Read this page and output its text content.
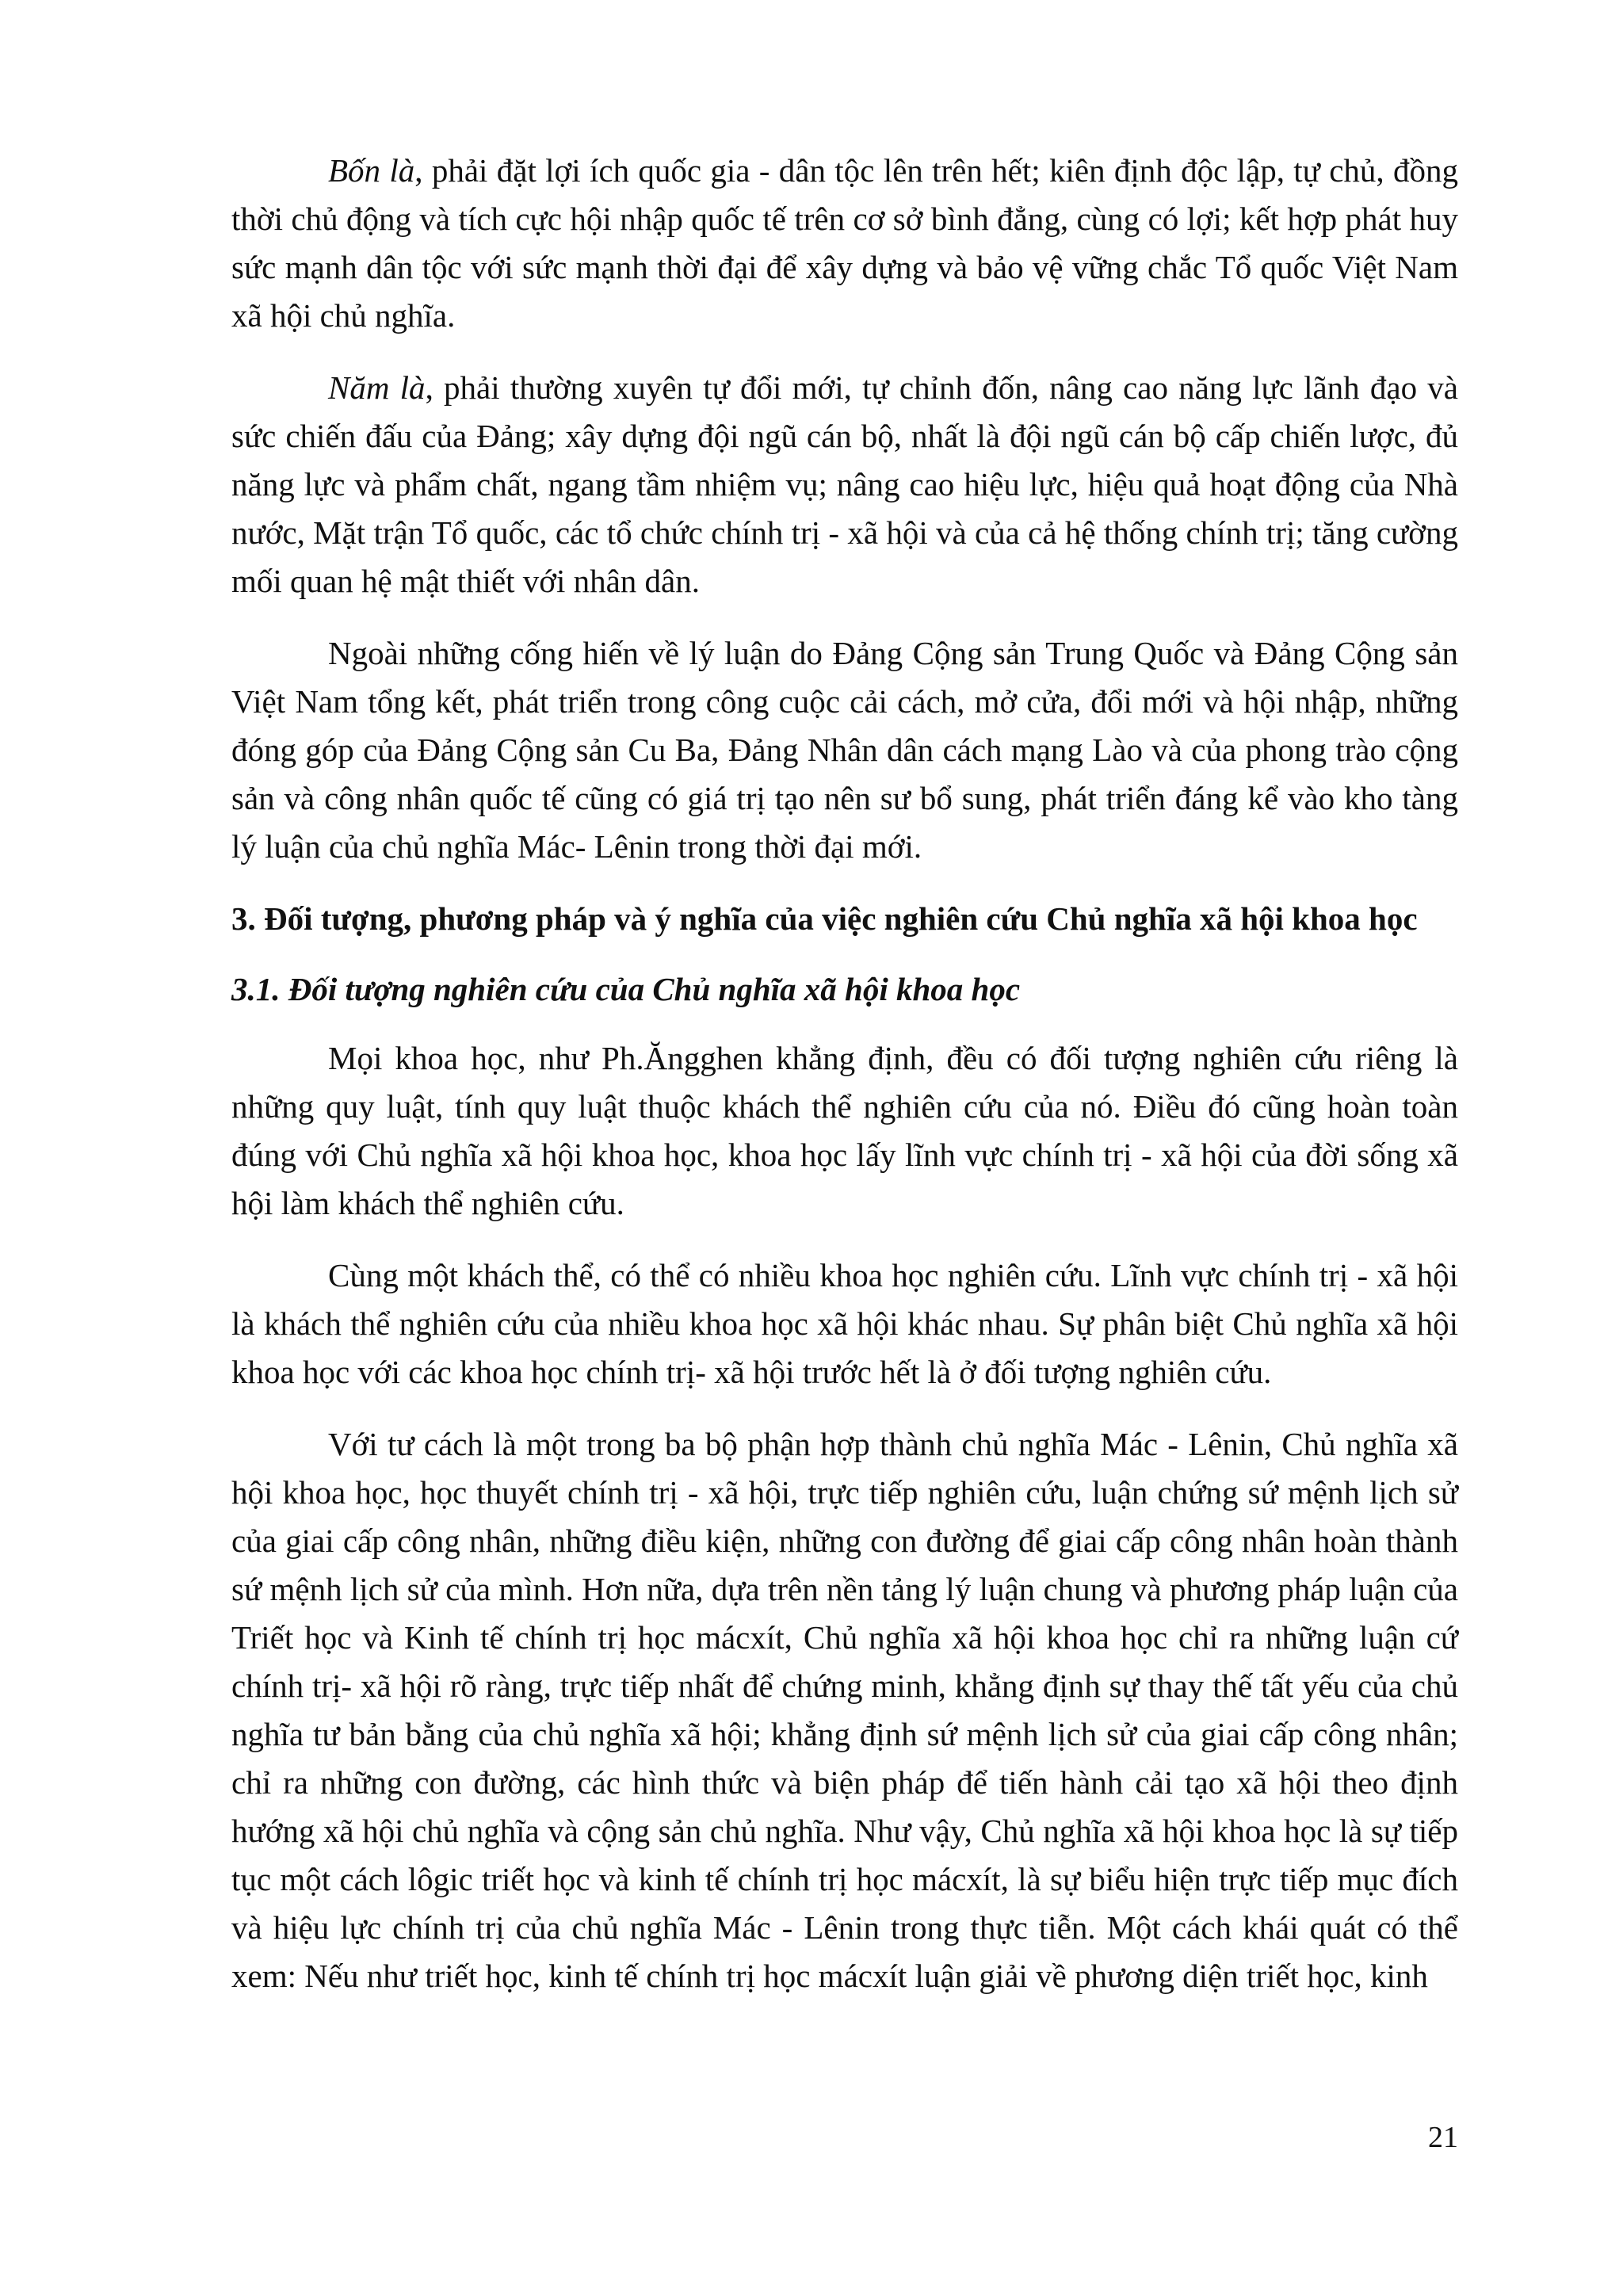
Bốn là, phải đặt lợi ích quốc gia - dân tộc lên trên hết; kiên định độc lập, tự chủ, đồng thời chủ động và tích cực hội nhập quốc tế trên cơ sở bình đẳng, cùng có lợi; kết hợp phát huy sức mạnh dân tộc với sức mạnh thời đại để xây dựng và bảo vệ vững chắc Tổ quốc Việt Nam xã hội chủ nghĩa.

Năm là, phải thường xuyên tự đổi mới, tự chỉnh đốn, nâng cao năng lực lãnh đạo và sức chiến đấu của Đảng; xây dựng đội ngũ cán bộ, nhất là đội ngũ cán bộ cấp chiến lược, đủ năng lực và phẩm chất, ngang tầm nhiệm vụ; nâng cao hiệu lực, hiệu quả hoạt động của Nhà nước, Mặt trận Tổ quốc, các tổ chức chính trị - xã hội và của cả hệ thống chính trị; tăng cường mối quan hệ mật thiết với nhân dân.

Ngoài những cống hiến về lý luận do Đảng Cộng sản Trung Quốc và Đảng Cộng sản Việt Nam tổng kết, phát triển trong công cuộc cải cách, mở cửa, đổi mới và hội nhập, những đóng góp của Đảng Cộng sản Cu Ba, Đảng Nhân dân cách mạng Lào và của phong trào cộng sản và công nhân quốc tế cũng có giá trị tạo nên sư bổ sung, phát triển đáng kể vào kho tàng lý luận của chủ nghĩa Mác- Lênin trong thời đại mới.

3. Đối tượng, phương pháp và ý nghĩa của việc nghiên cứu Chủ nghĩa xã hội khoa học

3.1. Đối tượng nghiên cứu của Chủ nghĩa xã hội khoa học

Mọi khoa học, như Ph.Ăngghen khẳng định, đều có đối tượng nghiên cứu riêng là những quy luật, tính quy luật thuộc khách thể nghiên cứu của nó. Điều đó cũng hoàn toàn đúng với Chủ nghĩa xã hội khoa học, khoa học lấy lĩnh vực chính trị - xã hội của đời sống xã hội làm khách thể nghiên cứu.

Cùng một khách thể, có thể có nhiều khoa học nghiên cứu. Lĩnh vực chính trị - xã hội là khách thể nghiên cứu của nhiều khoa học xã hội khác nhau. Sự phân biệt Chủ nghĩa xã hội khoa học với các khoa học chính trị- xã hội trước hết là ở đối tượng nghiên cứu.

Với tư cách là một trong ba bộ phận hợp thành chủ nghĩa Mác - Lênin, Chủ nghĩa xã hội khoa học, học thuyết chính trị - xã hội, trực tiếp nghiên cứu, luận chứng sứ mệnh lịch sử của giai cấp công nhân, những điều kiện, những con đường để giai cấp công nhân hoàn thành sứ mệnh lịch sử của mình. Hơn nữa, dựa trên nền tảng lý luận chung và phương pháp luận của Triết học và Kinh tế chính trị học mácxít, Chủ nghĩa xã hội khoa học chỉ ra những luận cứ chính trị- xã hội rõ ràng, trực tiếp nhất để chứng minh, khẳng định sự thay thế tất yếu của chủ nghĩa tư bản bằng của chủ nghĩa xã hội; khẳng định sứ mệnh lịch sử của giai cấp công nhân; chỉ ra những con đường, các hình thức và biện pháp để tiến hành cải tạo xã hội theo định hướng xã hội chủ nghĩa và cộng sản chủ nghĩa. Như vậy, Chủ nghĩa xã hội khoa học là sự tiếp tục một cách lôgic triết học và kinh tế chính trị học mácxít, là sự biểu hiện trực tiếp mục đích và hiệu lực chính trị của chủ nghĩa Mác - Lênin trong thực tiễn. Một cách khái quát có thể xem: Nếu như triết học, kinh tế chính trị học mácxít luận giải về phương diện triết học, kinh

21
